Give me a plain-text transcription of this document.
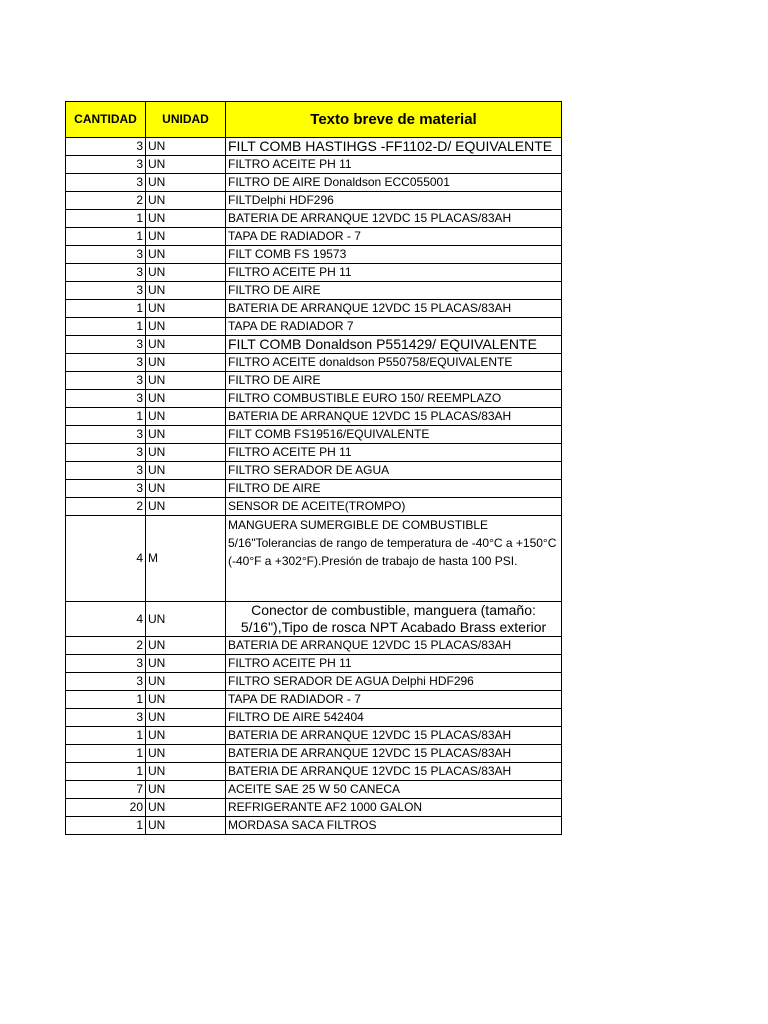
CANTIDAD	UNIDAD	Texto breve de material
3	UN	FILT COMB HASTIHGS -FF1102-D/ EQUIVALENTE
3	UN	FILTRO ACEITE PH 11
3	UN	FILTRO DE AIRE Donaldson ECC055001
2	UN	FILTDelphi HDF296
1	UN	BATERIA DE ARRANQUE 12VDC 15 PLACAS/83AH
1	UN	TAPA DE RADIADOR - 7
3	UN	FILT COMB FS 19573
3	UN	FILTRO ACEITE PH 11
3	UN	FILTRO DE AIRE
1	UN	BATERIA DE ARRANQUE 12VDC 15 PLACAS/83AH
1	UN	TAPA DE RADIADOR 7
3	UN	FILT COMB Donaldson P551429/ EQUIVALENTE
3	UN	FILTRO ACEITE donaldson P550758/EQUIVALENTE
3	UN	FILTRO DE AIRE
3	UN	FILTRO COMBUSTIBLE EURO 150/ REEMPLAZO
1	UN	BATERIA DE ARRANQUE 12VDC 15 PLACAS/83AH
3	UN	FILT COMB FS19516/EQUIVALENTE
3	UN	FILTRO ACEITE PH 11
3	UN	FILTRO SERADOR DE AGUA
3	UN	FILTRO DE AIRE
2	UN	SENSOR DE ACEITE(TROMPO)
4	M	MANGUERA SUMERGIBLE DE COMBUSTIBLE 5/16"Tolerancias de rango de temperatura de -40°C a +150°C (-40°F a +302°F).Presión de trabajo de hasta 100 PSI.
4	UN	Conector de combustible, manguera (tamaño: 5/16"),Tipo de rosca NPT Acabado Brass exterior
2	UN	BATERIA DE ARRANQUE 12VDC 15 PLACAS/83AH
3	UN	FILTRO ACEITE PH 11
3	UN	FILTRO SERADOR DE AGUA Delphi HDF296
1	UN	TAPA DE RADIADOR - 7
3	UN	FILTRO DE AIRE 542404
1	UN	BATERIA DE ARRANQUE 12VDC 15 PLACAS/83AH
1	UN	BATERIA DE ARRANQUE 12VDC 15 PLACAS/83AH
1	UN	BATERIA DE ARRANQUE 12VDC 15 PLACAS/83AH
7	UN	ACEITE SAE 25 W 50 CANECA
20	UN	REFRIGERANTE AF2 1000 GALON
1	UN	MORDASA SACA FILTROS
